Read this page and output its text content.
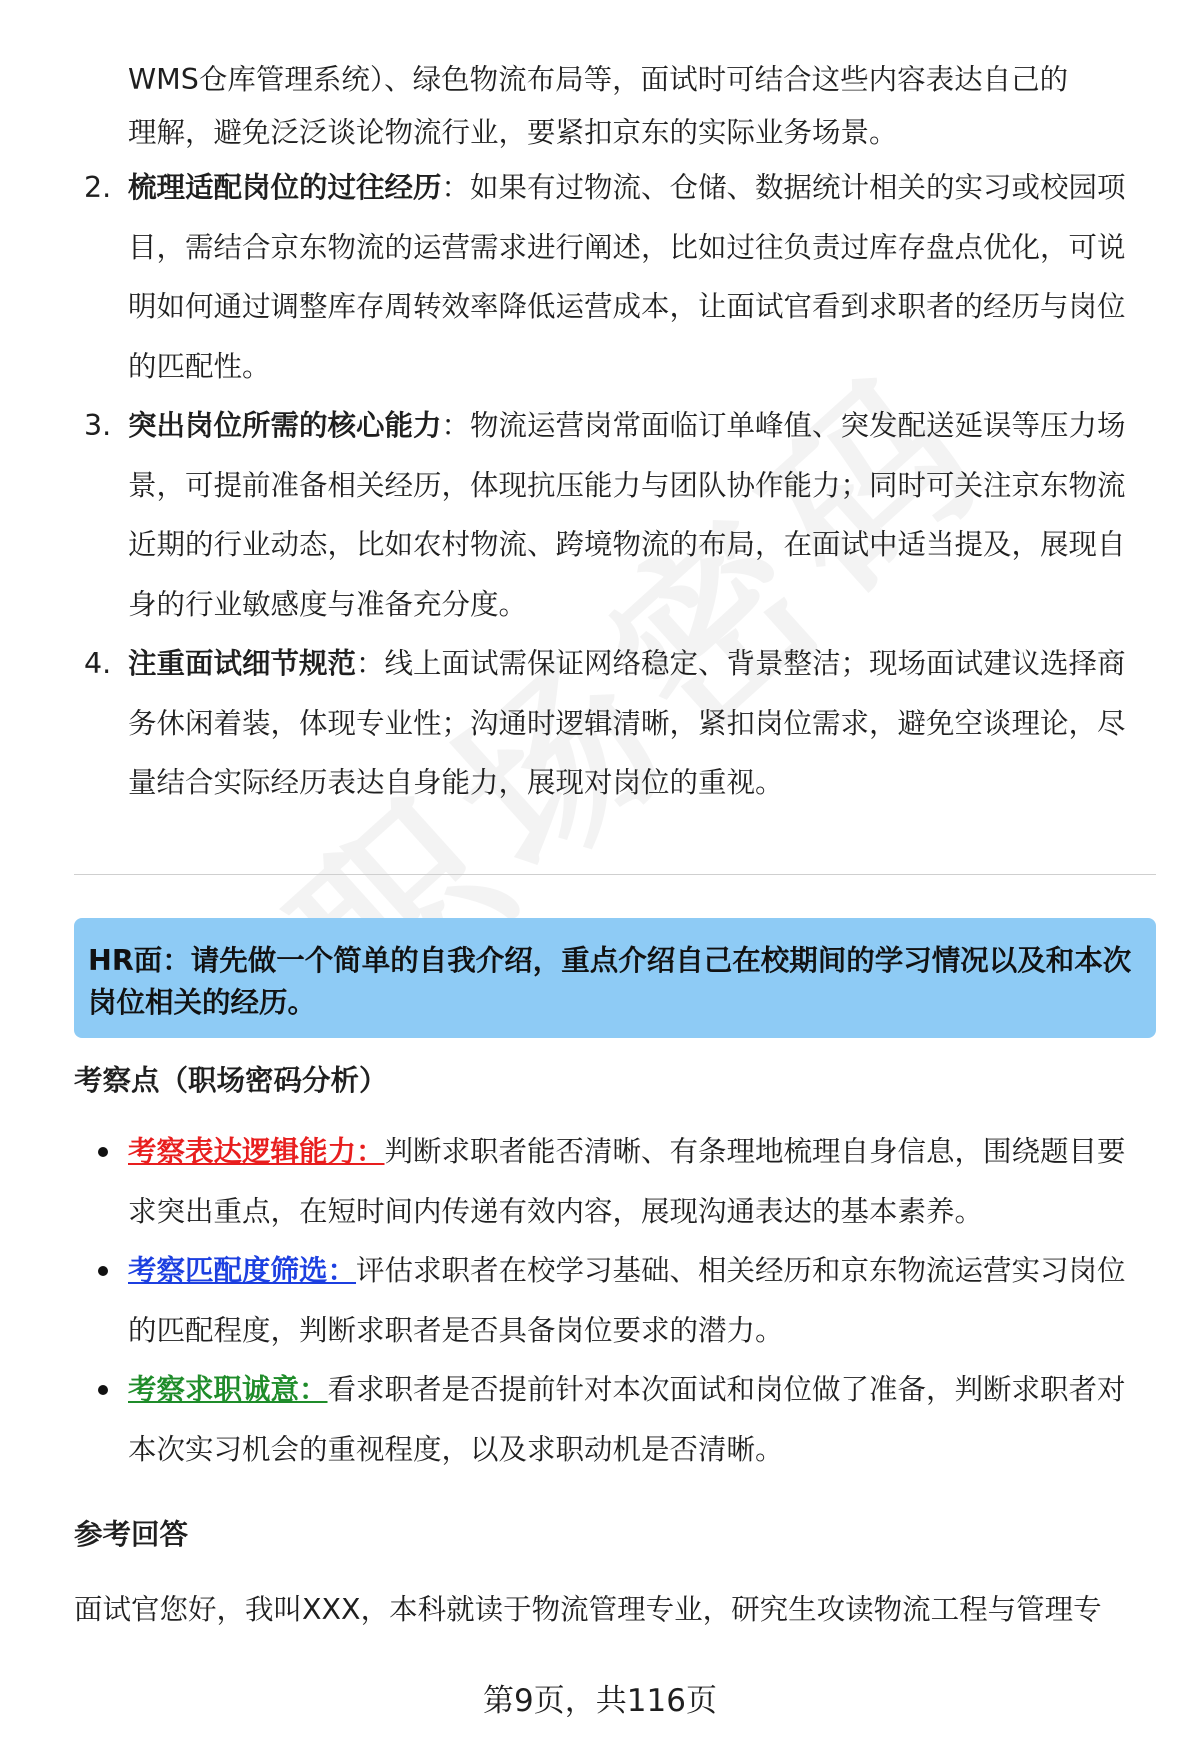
WMS仓库管理系统）、绿色物流布局等，面试时可结合这些内容表达自己的

理解，避免泛泛谈论物流行业，要紧扣京东的实际业务场景。

2. 梳理适配岗位的过往经历：如果有过物流、仓储、数据统计相关的实习或校园项目，需结合京东物流的运营需求进行阐述，比如过往负责过库存盘点优化，可说明如何通过调整库存周转效率降低运营成本，让面试官看到求职者的经历与岗位的匹配性。
3. 突出岗位所需的核心能力：物流运营岗常面临订单峰值、突发配送延误等压力场景，可提前准备相关经历，体现抗压能力与团队协作能力；同时可关注京东物流近期的行业动态，比如农村物流、跨境物流的布局，在面试中适当提及，展现自身的行业敏感度与准备充分度。
4. 注重面试细节规范：线上面试需保证网络稳定、背景整洁；现场面试建议选择商务休闲着装，体现专业性；沟通时逻辑清晰，紧扣岗位需求，避免空谈理论，尽量结合实际经历表达自身能力，展现对岗位的重视。
HR面：请先做一个简单的自我介绍，重点介绍自己在校期间的学习情况以及和本次岗位相关的经历。

考察点（职场密码分析）

考察表达逻辑能力：判断求职者能否清晰、有条理地梳理自身信息，围绕题目要求突出重点，在短时间内传递有效内容，展现沟通表达的基本素养。
考察匹配度筛选：评估求职者在校学习基础、相关经历和京东物流运营实习岗位的匹配程度，判断求职者是否具备岗位要求的潜力。
考察求职诚意：看求职者是否提前针对本次面试和岗位做了准备，判断求职者对本次实习机会的重视程度，以及求职动机是否清晰。

参考回答

面试官您好，我叫XXX，本科就读于物流管理专业，研究生攻读物流工程与管理专

第9页，共116页
